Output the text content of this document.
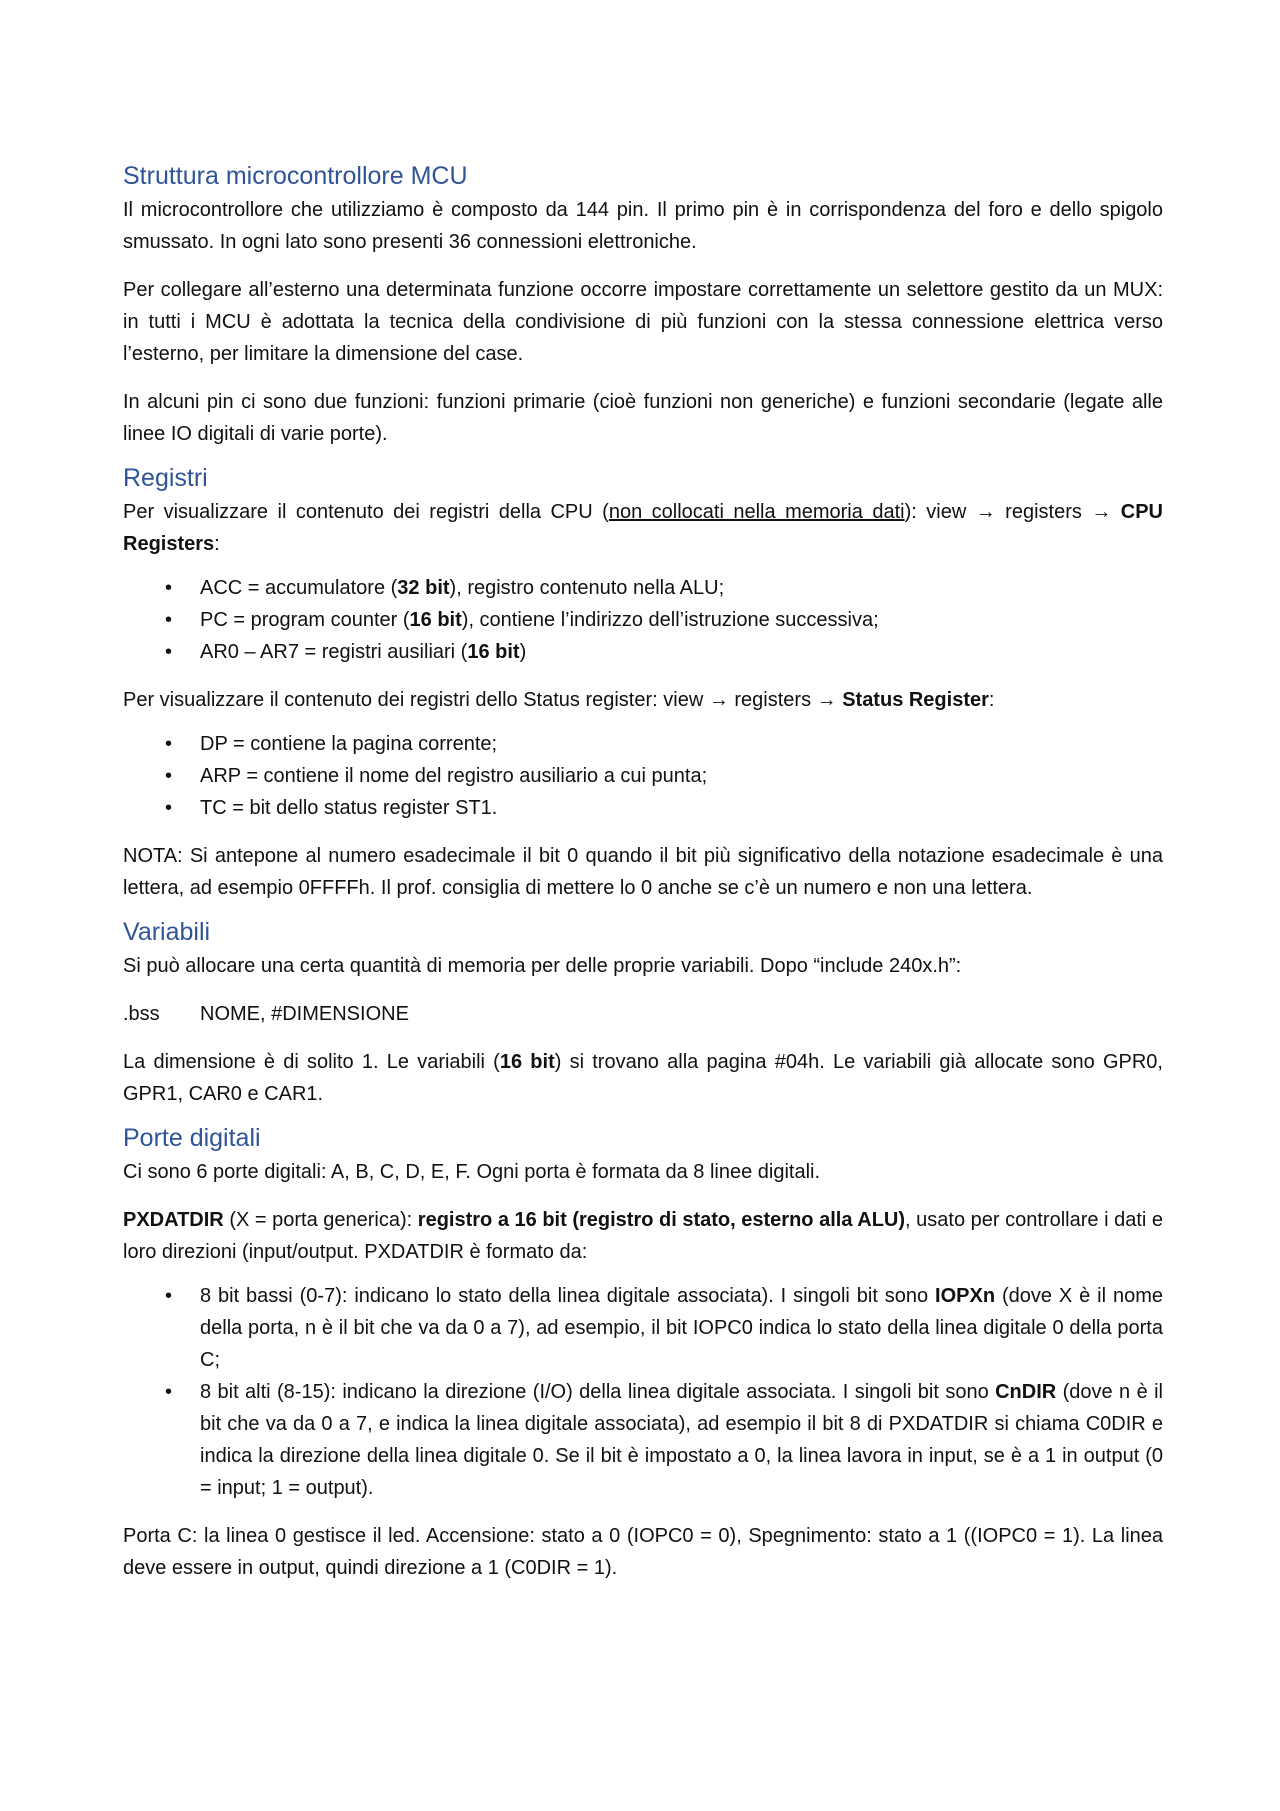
Struttura microcontrollore MCU

Il microcontrollore che utilizziamo è composto da 144 pin. Il primo pin è in corrispondenza del foro e dello spigolo smussato. In ogni lato sono presenti 36 connessioni elettroniche.

Per collegare all’esterno una determinata funzione occorre impostare correttamente un selettore gestito da un MUX: in tutti i MCU è adottata la tecnica della condivisione di più funzioni con la stessa connessione elettrica verso l’esterno, per limitare la dimensione del case.

In alcuni pin ci sono due funzioni: funzioni primarie (cioè funzioni non generiche) e funzioni secondarie (legate alle linee IO digitali di varie porte).

Registri

Per visualizzare il contenuto dei registri della CPU (non collocati nella memoria dati): view → registers → CPU Registers:

• ACC = accumulatore (32 bit), registro contenuto nella ALU;
• PC = program counter (16 bit), contiene l’indirizzo dell’istruzione successiva;
• AR0 – AR7 = registri ausiliari (16 bit)

Per visualizzare il contenuto dei registri dello Status register: view → registers → Status Register:

• DP = contiene la pagina corrente;
• ARP = contiene il nome del registro ausiliario a cui punta;
• TC = bit dello status register ST1.

NOTA: Si antepone al numero esadecimale il bit 0 quando il bit più significativo della notazione esadecimale è una lettera, ad esempio 0FFFFh. Il prof. consiglia di mettere lo 0 anche se c’è un numero e non una lettera.

Variabili

Si può allocare una certa quantità di memoria per delle proprie variabili. Dopo “include 240x.h”:

.bss NOME, #DIMENSIONE

La dimensione è di solito 1. Le variabili (16 bit) si trovano alla pagina #04h. Le variabili già allocate sono GPR0, GPR1, CAR0 e CAR1.

Porte digitali

Ci sono 6 porte digitali: A, B, C, D, E, F. Ogni porta è formata da 8 linee digitali.

PXDATDIR (X = porta generica): registro a 16 bit (registro di stato, esterno alla ALU), usato per controllare i dati e loro direzioni (input/output. PXDATDIR è formato da:

• 8 bit bassi (0-7): indicano lo stato della linea digitale associata). I singoli bit sono IOPXn (dove X è il nome della porta, n è il bit che va da 0 a 7), ad esempio, il bit IOPC0 indica lo stato della linea digitale 0 della porta C;
• 8 bit alti (8-15): indicano la direzione (I/O) della linea digitale associata. I singoli bit sono CnDIR (dove n è il bit che va da 0 a 7, e indica la linea digitale associata), ad esempio il bit 8 di PXDATDIR si chiama C0DIR e indica la direzione della linea digitale 0. Se il bit è impostato a 0, la linea lavora in input, se è a 1 in output (0 = input; 1 = output).

Porta C: la linea 0 gestisce il led. Accensione: stato a 0 (IOPC0 = 0), Spegnimento: stato a 1 ((IOPC0 = 1). La linea deve essere in output, quindi direzione a 1 (C0DIR = 1).
